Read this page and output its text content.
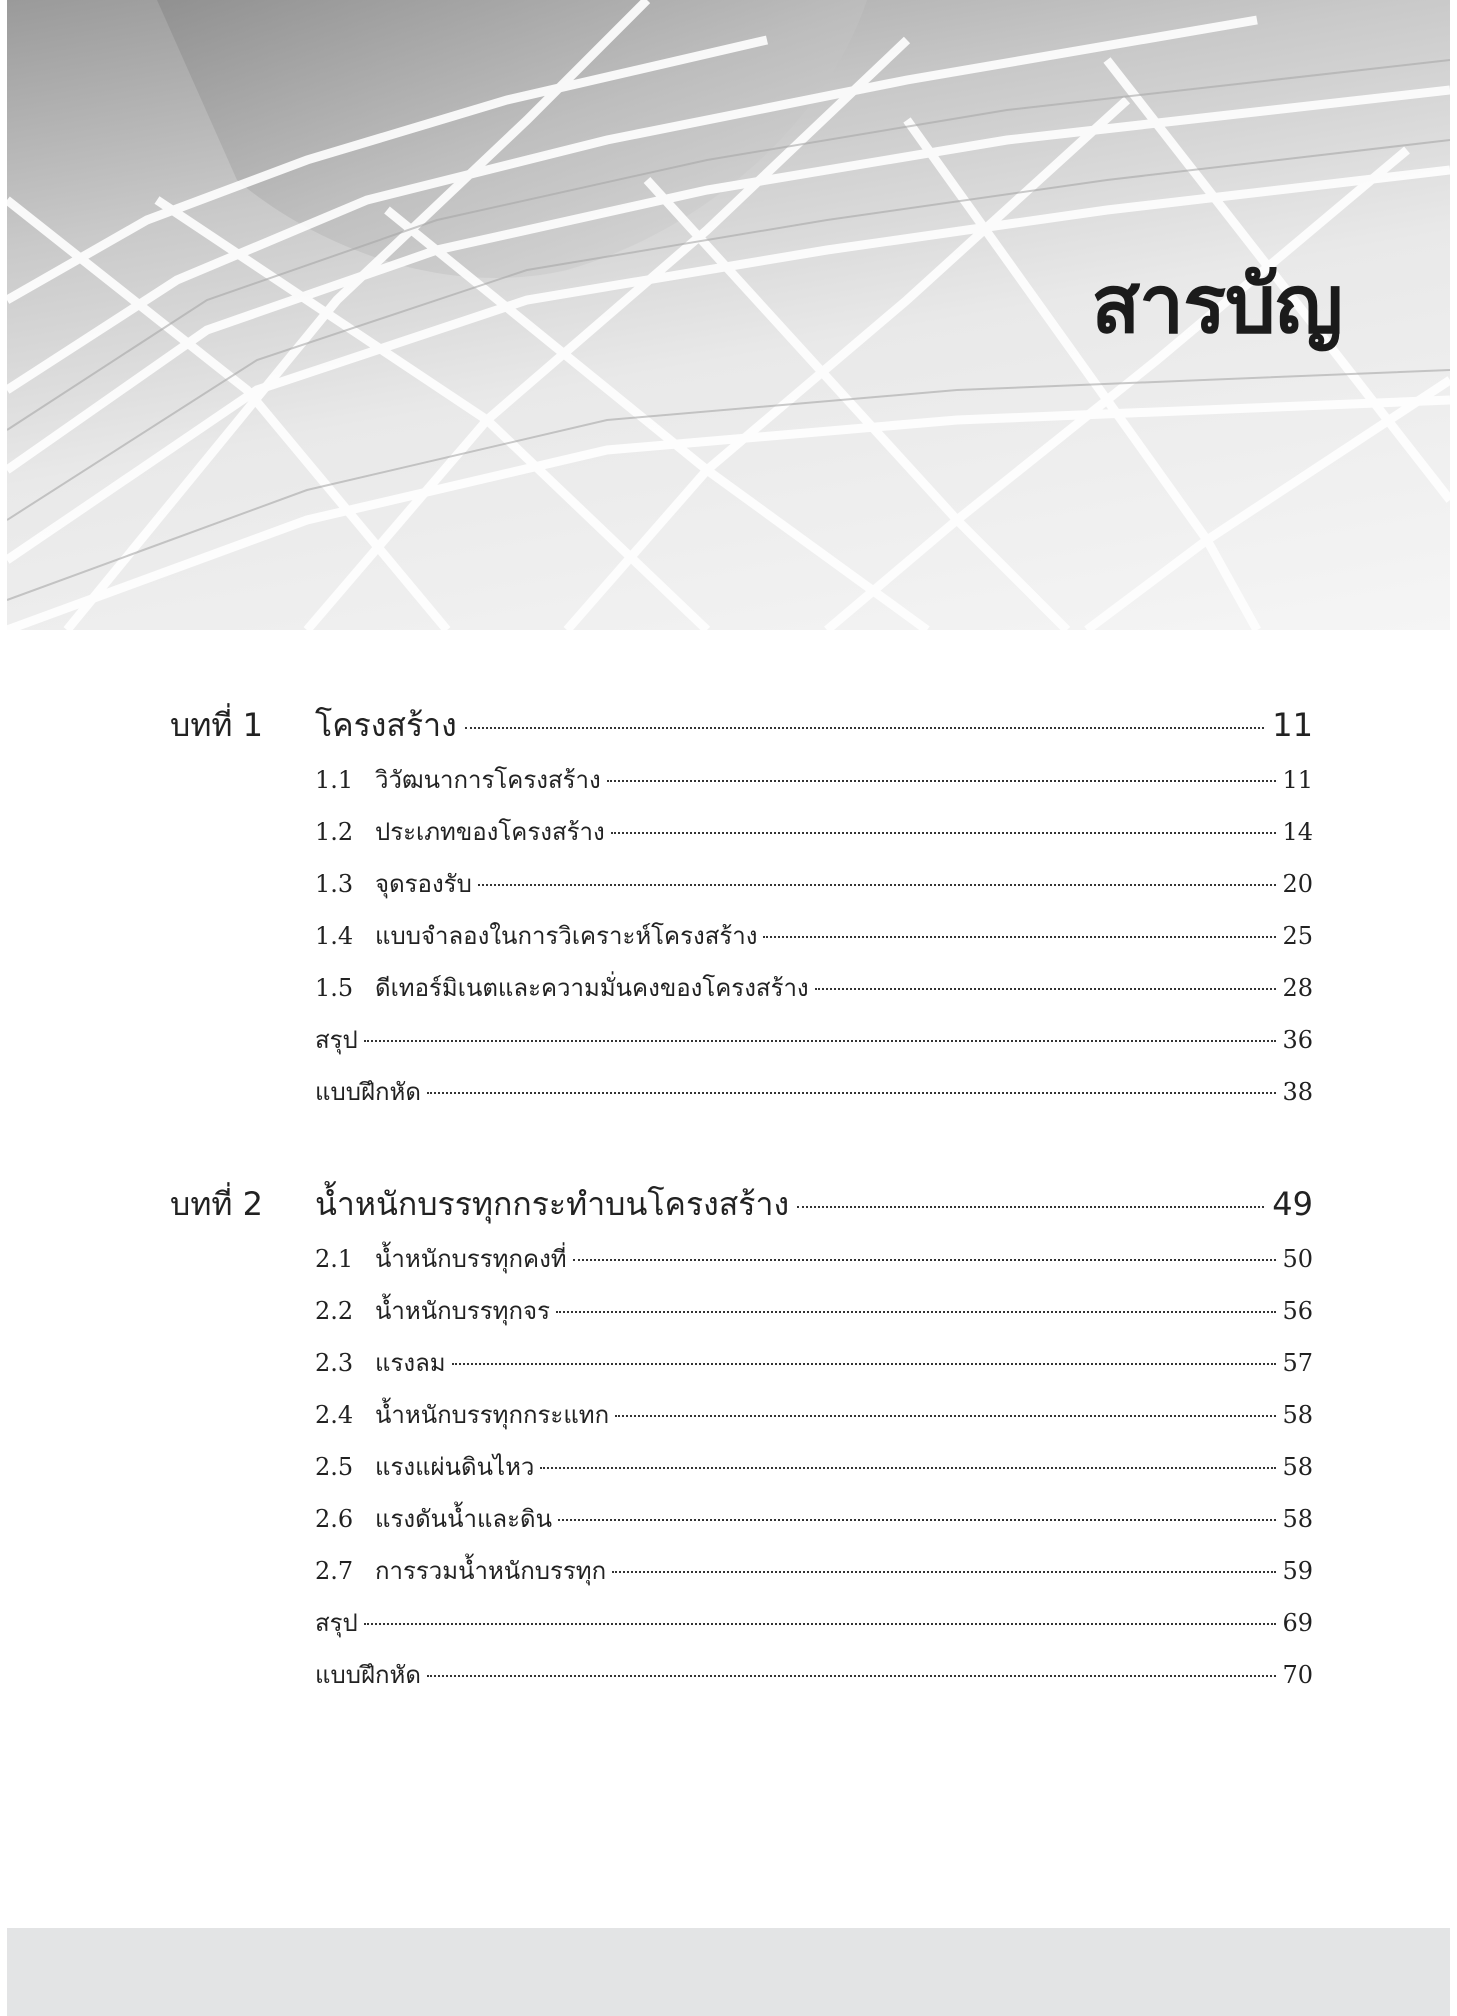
สารบัญ
บทที่ 1	โครงสร้าง	11
1.1 วิวัฒนาการโครงสร้าง	11
1.2 ประเภทของโครงสร้าง	14
1.3 จุดรองรับ	20
1.4 แบบจำลองในการวิเคราะห์โครงสร้าง	25
1.5 ดีเทอร์มิเนตและความมั่นคงของโครงสร้าง	28
สรุป	36
แบบฝึกหัด	38
บทที่ 2	น้ำหนักบรรทุกกระทำบนโครงสร้าง	49
2.1 น้ำหนักบรรทุกคงที่	50
2.2 น้ำหนักบรรทุกจร	56
2.3 แรงลม	57
2.4 น้ำหนักบรรทุกกระแทก	58
2.5 แรงแผ่นดินไหว	58
2.6 แรงดันน้ำและดิน	58
2.7 การรวมน้ำหนักบรรทุก	59
สรุป	69
แบบฝึกหัด	70
